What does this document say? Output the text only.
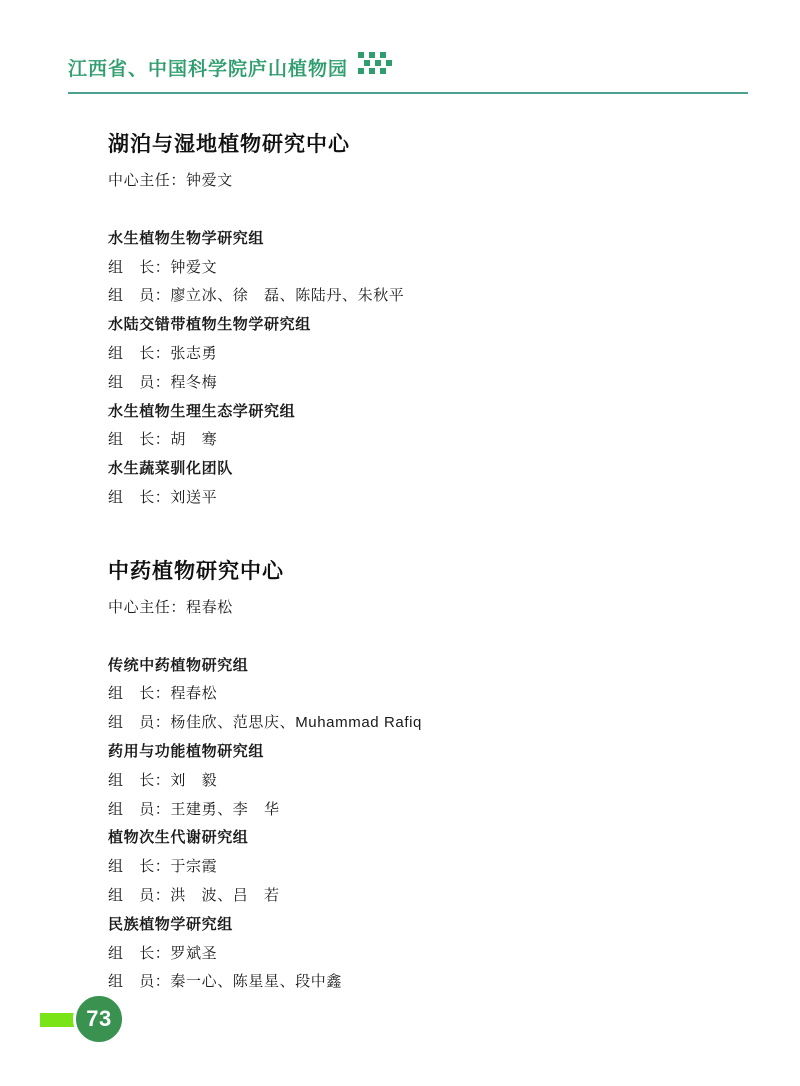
江西省、中国科学院庐山植物园
湖泊与湿地植物研究中心

中心主任：钟爱文

水生植物生物学研究组

组　长：钟爱文

组　员：廖立冰、徐　磊、陈陆丹、朱秋平

水陆交错带植物生物学研究组

组　长：张志勇

组　员：程冬梅

水生植物生理生态学研究组

组　长：胡　骞

水生蔬菜驯化团队

组　长：刘送平

中药植物研究中心

中心主任：程春松

传统中药植物研究组

组　长：程春松

组　员：杨佳欣、范思庆、Muhammad Rafiq

药用与功能植物研究组

组　长：刘　毅

组　员：王建勇、李　华

植物次生代谢研究组

组　长：于宗霞

组　员：洪　波、吕　若

民族植物学研究组

组　长：罗斌圣

组　员：秦一心、陈星星、段中鑫

73
